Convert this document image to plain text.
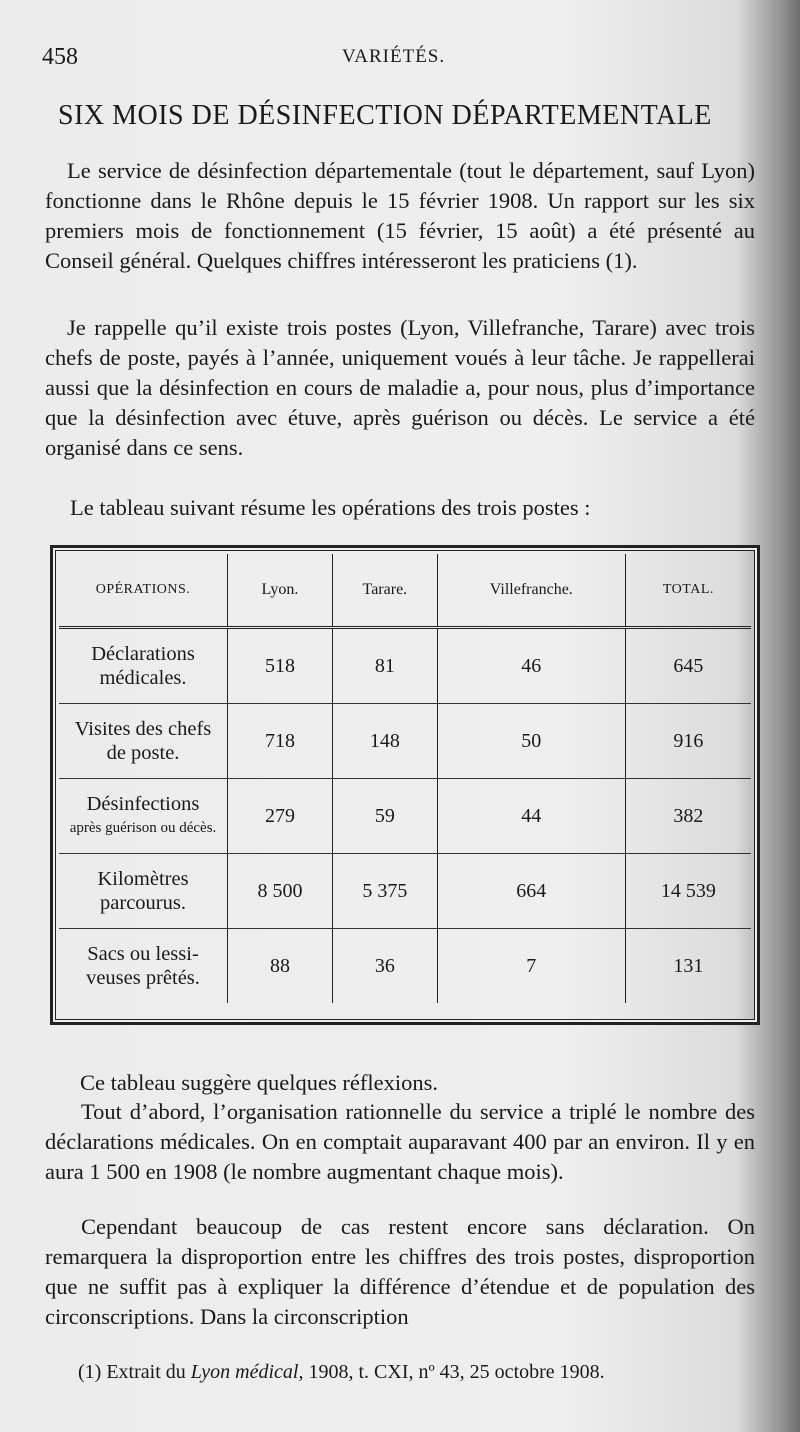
458	VARIÉTÉS.
SIX MOIS DE DÉSINFECTION DÉPARTEMENTALE

Le service de désinfection départementale (tout le département, sauf Lyon) fonctionne dans le Rhône depuis le 15 février 1908. Un rapport sur les six premiers mois de fonctionnement (15 février, 15 août) a été présenté au Conseil général. Quelques chiffres intéresseront les praticiens (1).

Je rappelle qu’il existe trois postes (Lyon, Villefranche, Tarare) avec trois chefs de poste, payés à l’année, uniquement voués à leur tâche. Je rappellerai aussi que la désinfection en cours de maladie a, pour nous, plus d’importance que la désinfection avec étuve, après guérison ou décès. Le service a été organisé dans ce sens.

Le tableau suivant résume les opérations des trois postes :

OPÉRATIONS.	Lyon.	Tarare.	Villefranche.	TOTAL.

Déclarations
médicales.	518	81	46	645

Visites des chefs
de poste.	718	148	50	916

Désinfections
après guérison ou décès.	279	59	44	382

Kilomètres
parcourus.	8 500	5 375	664	14 539

Sacs ou lessi-
veuses prêtés.	88	36	7	131

Ce tableau suggère quelques réflexions.

Tout d’abord, l’organisation rationnelle du service a triplé le nombre des déclarations médicales. On en comptait auparavant 400 par an environ. Il y en aura 1 500 en 1908 (le nombre augmentant chaque mois).

Cependant beaucoup de cas restent encore sans déclaration. On remarquera la disproportion entre les chiffres des trois postes, disproportion que ne suffit pas à expliquer la différence d’étendue et de population des circonscriptions. Dans la circonscription

(1) Extrait du Lyon médical, 1908, t. CXI, nº 43, 25 octobre 1908.
